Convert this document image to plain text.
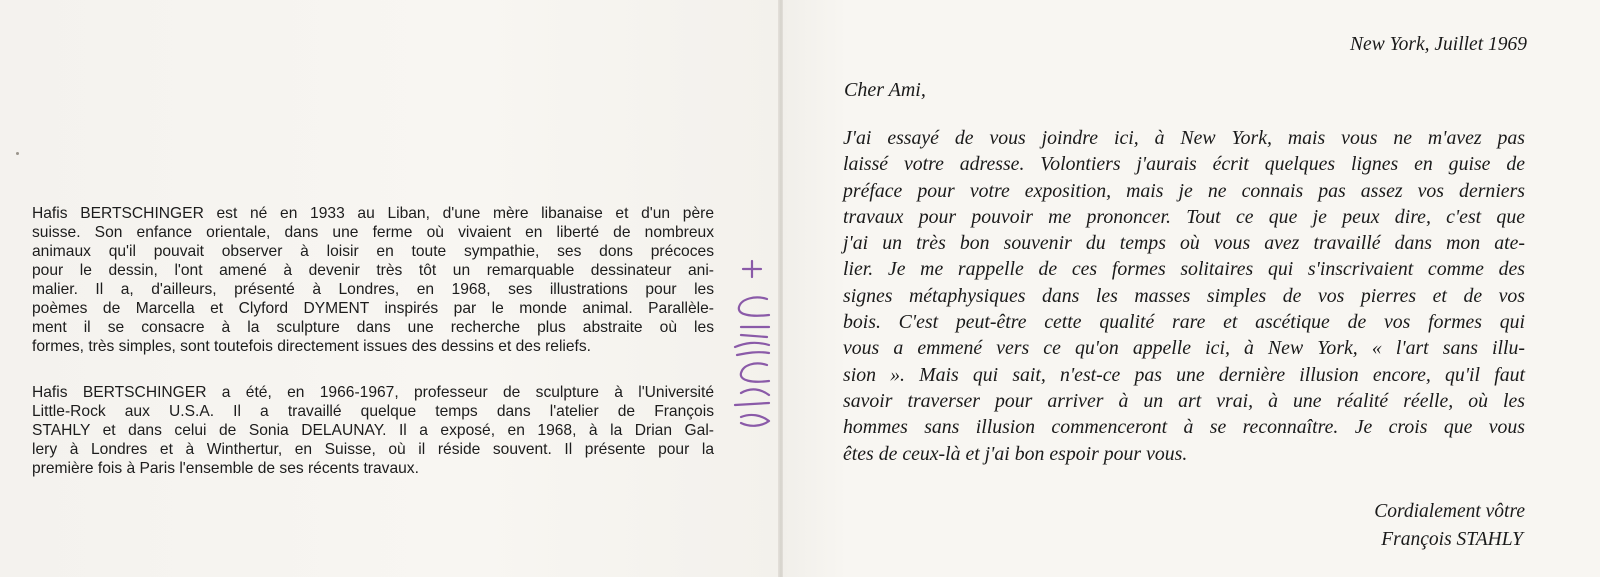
Hafis BERTSCHINGER est né en 1933 au Liban, d'une mère libanaise et d'un père
suisse. Son enfance orientale, dans une ferme où vivaient en liberté de nombreux
animaux qu'il pouvait observer à loisir en toute sympathie, ses dons précoces
pour le dessin, l'ont amené à devenir très tôt un remarquable dessinateur ani-
malier. Il a, d'ailleurs, présenté à Londres, en 1968, ses illustrations pour les
poèmes de Marcella et Clyford DYMENT inspirés par le monde animal. Parallèle-
ment il se consacre à la sculpture dans une recherche plus abstraite où les
formes, très simples, sont toutefois directement issues des dessins et des reliefs.
Hafis BERTSCHINGER a été, en 1966-1967, professeur de sculpture à l'Université
Little-Rock aux U.S.A. Il a travaillé quelque temps dans l'atelier de François
STAHLY et dans celui de Sonia DELAUNAY. Il a exposé, en 1968, à la Drian Gal-
lery à Londres et à Winthertur, en Suisse, où il réside souvent. Il présente pour la
première fois à Paris l'ensemble de ses récents travaux.
New York, Juillet 1969
Cher Ami,
J'ai essayé de vous joindre ici, à New York, mais vous ne m'avez pas
laissé votre adresse. Volontiers j'aurais écrit quelques lignes en guise de
préface pour votre exposition, mais je ne connais pas assez vos derniers
travaux pour pouvoir me prononcer. Tout ce que je peux dire, c'est que
j'ai un très bon souvenir du temps où vous avez travaillé dans mon ate-
lier. Je me rappelle de ces formes solitaires qui s'inscrivaient comme des
signes métaphysiques dans les masses simples de vos pierres et de vos
bois. C'est peut-être cette qualité rare et ascétique de vos formes qui
vous a emmené vers ce qu'on appelle ici, à New York, « l'art sans illu-
sion ». Mais qui sait, n'est-ce pas une dernière illusion encore, qu'il faut
savoir traverser pour arriver à un art vrai, à une réalité réelle, où les
hommes sans illusion commenceront à se reconnaître. Je crois que vous
êtes de ceux-là et j'ai bon espoir pour vous.
Cordialement vôtre
François STAHLY
